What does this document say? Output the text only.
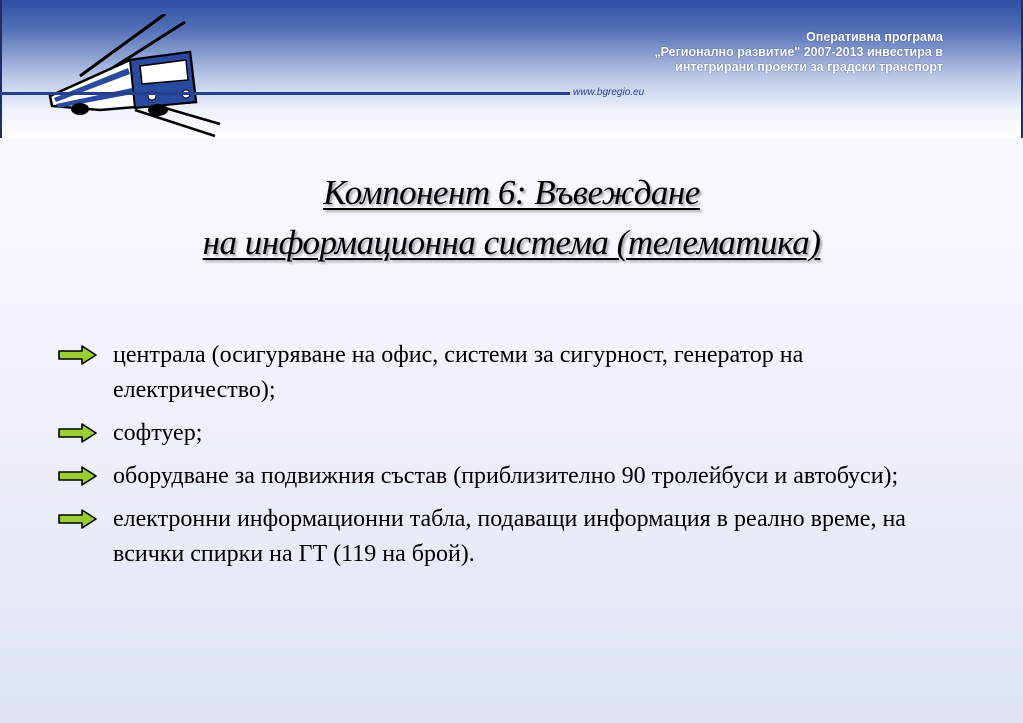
Оперативна програма
„Регионално развитие" 2007-2013 инвестира в
интегрирани проекти за градски транспорт
www.bgregio.eu
Компонент 6: Въвеждане
на информационна система (телематика)
централа (осигуряване на офис, системи за сигурност, генератор на електричество);
софтуер;
оборудване за подвижния състав (приблизително 90 тролейбуси и автобуси);
електронни информационни табла, подаващи информация в реално време, на всички спирки на ГТ (119 на брой).
